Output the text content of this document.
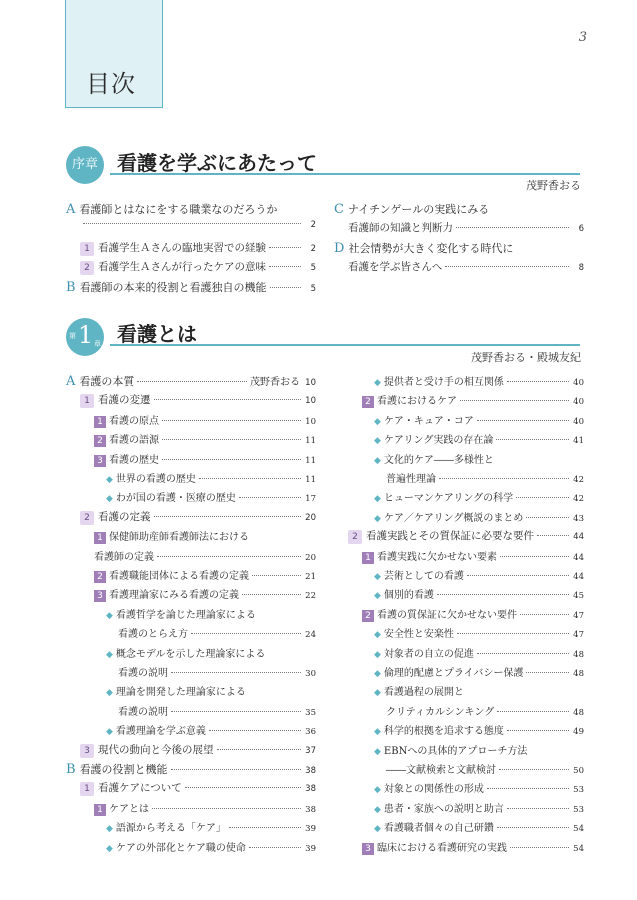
3
目次
序章 看護を学ぶにあたって
茂野香おる
第 1 章 看護とは
茂野香おる・殿城友紀
A 看護師とはなにをする職業なのだろうか
2
1 看護学生Ａさんの臨地実習での経験	2
2 看護学生Ａさんが行ったケアの意味	5
B 看護師の本来的役割と看護独自の機能	5
C ナイチンゲールの実践にみる
看護師の知識と判断力	6
D 社会情勢が大きく変化する時代に
看護を学ぶ皆さんへ	8
A 看護の本質	茂野香おる 10
1 看護の変遷	10
1 看護の原点	10
2 看護の語源	11
3 看護の歴史	11
◆ 世界の看護の歴史	11
◆ わが国の看護・医療の歴史	17
2 看護の定義	20
1 保健師助産師看護師法における
看護師の定義	20
2 看護職能団体による看護の定義	21
3 看護理論家にみる看護の定義	22
◆ 看護哲学を論じた理論家による
看護のとらえ方	24
◆ 概念モデルを示した理論家による
看護の説明	30
◆ 理論を開発した理論家による
看護の説明	35
◆ 看護理論を学ぶ意義	36
3 現代の動向と今後の展望	37
B 看護の役割と機能	38
1 看護ケアについて	38
1 ケアとは	38
◆ 語源から考える「ケア」	39
◆ ケアの外部化とケア職の使命	39
◆ 提供者と受け手の相互関係	40
2 看護におけるケア	40
◆ ケア・キュア・コア	40
◆ ケアリング実践の存在論	41
◆ 文化的ケア――多様性と
普遍性理論	42
◆ ヒューマンケアリングの科学	42
◆ ケア／ケアリング概説のまとめ	43
2 看護実践とその質保証に必要な要件	44
1 看護実践に欠かせない要素	44
◆ 芸術としての看護	44
◆ 個別的看護	45
2 看護の質保証に欠かせない要件	47
◆ 安全性と安楽性	47
◆ 対象者の自立の促進	48
◆ 倫理的配慮とプライバシー保護	48
◆ 看護過程の展開と
クリティカルシンキング	48
◆ 科学的根拠を追求する態度	49
◆ EBNへの具体的アプローチ方法
――文献検索と文献検討	50
◆ 対象との関係性の形成	53
◆ 患者・家族への説明と助言	53
◆ 看護職者個々の自己研鑽	54
3 臨床における看護研究の実践	54
